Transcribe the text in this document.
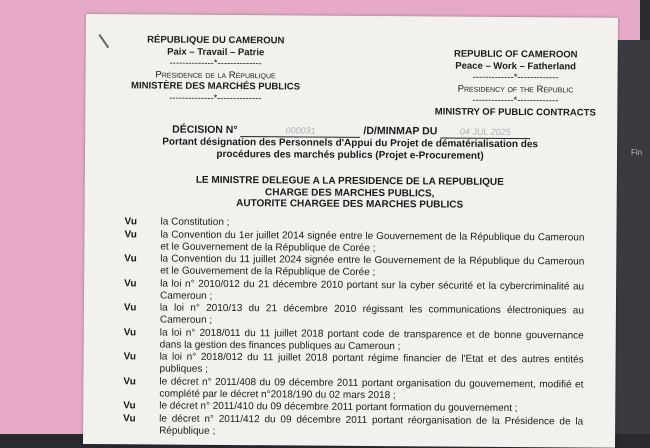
Fin
RÉPUBLIQUE DU CAMEROUN
Paix – Travail – Patrie
--------------*--------------
Présidence de la République
MINISTÈRE DES MARCHÉS PUBLICS
--------------*--------------
REPUBLIC OF CAMEROON
Peace – Work – Fatherland
-------------*-------------
Presidency of the Republic
-------------*-------------
MINISTRY OF PUBLIC CONTRACTS
DÉCISION N°	000031	/D/MINMAP DU 04 JUL 2025
Portant désignation des Personnels d'Appui du Projet de dématérialisation des procédures des marchés publics (Projet e-Procurement)
LE MINISTRE DELEGUE A LA PRESIDENCE DE LA REPUBLIQUE
CHARGE DES MARCHES PUBLICS,
AUTORITE CHARGEE DES MARCHES PUBLICS
Vu	la Constitution ;
Vu	la Convention du 1er juillet 2014 signée entre le Gouvernement de la République du Cameroun et le Gouvernement de la République de Corée ;
Vu	la Convention du 11 juillet 2024 signée entre le Gouvernement de la République du Cameroun et le Gouvernement de la République de Corée ;
Vu	la loi n° 2010/012 du 21 décembre 2010 portant sur la cyber sécurité et la cybercriminalité au Cameroun ;
Vu	la loi n° 2010/13 du 21 décembre 2010 régissant les communications électroniques au Cameroun ;
Vu	la loi n° 2018/011 du 11 juillet 2018 portant code de transparence et de bonne gouvernance dans la gestion des finances publiques au Cameroun ;
Vu	la loi n° 2018/012 du 11 juillet 2018 portant régime financier de l'Etat et des autres entités publiques ;
Vu	le décret n° 2011/408 du 09 décembre 2011 portant organisation du gouvernement, modifié et complété par le décret n°2018/190 du 02 mars 2018 ;
Vu	le décret n° 2011/410 du 09 décembre 2011 portant formation du gouvernement ;
Vu	le décret n° 2011/412 du 09 décembre 2011 portant réorganisation de la Présidence de la République ;
